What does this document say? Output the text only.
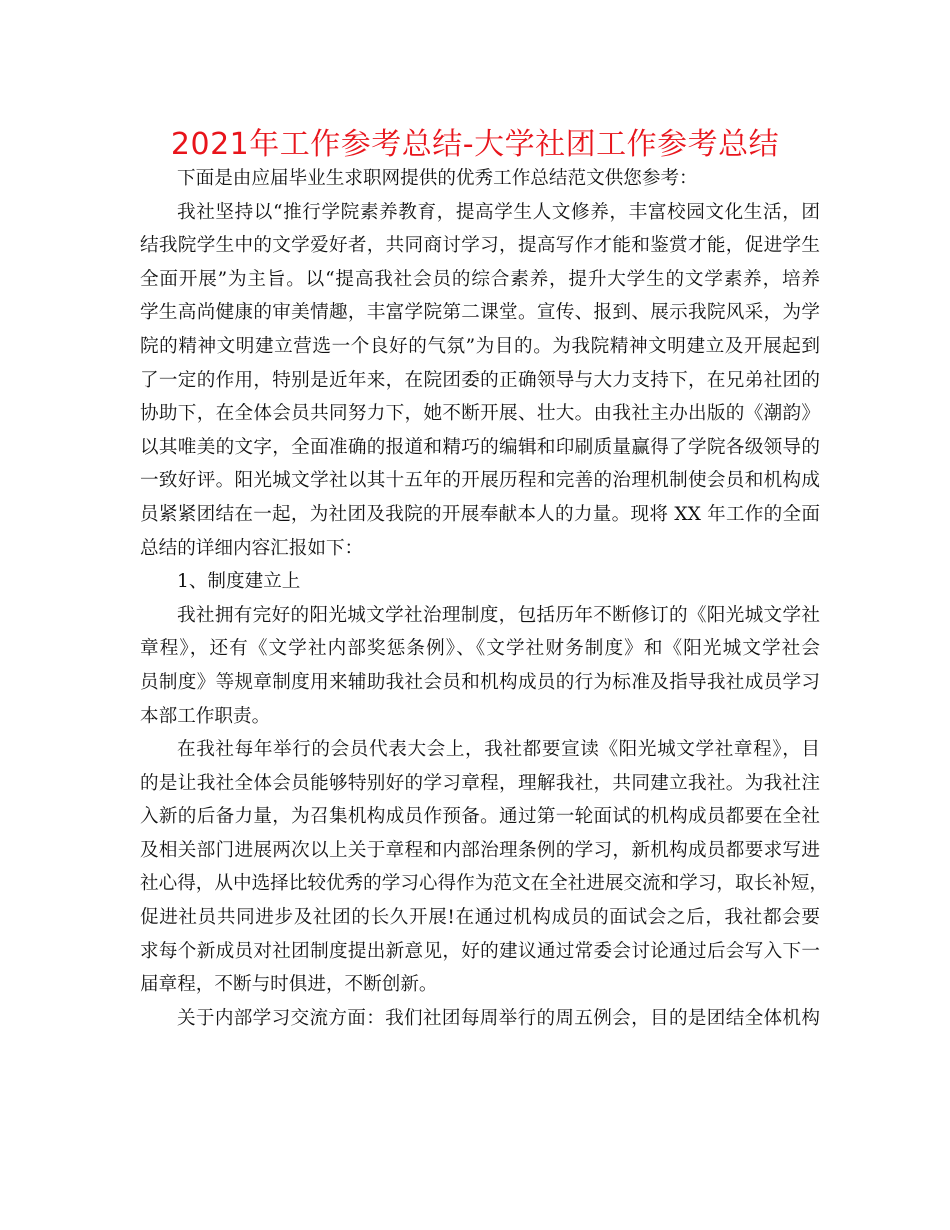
2021年工作参考总结-大学社团工作参考总结
下面是由应届毕业生求职网提供的优秀工作总结范文供您参考：
我社坚持以“推行学院素养教育，提高学生人文修养，丰富校园文化生活，团
结我院学生中的文学爱好者，共同商讨学习，提高写作才能和鉴赏才能，促进学生
全面开展”为主旨。以“提高我社会员的综合素养，提升大学生的文学素养，培养
学生高尚健康的审美情趣，丰富学院第二课堂。宣传、报到、展示我院风采，为学
院的精神文明建立营选一个良好的气氛”为目的。为我院精神文明建立及开展起到
了一定的作用，特别是近年来，在院团委的正确领导与大力支持下，在兄弟社团的
协助下，在全体会员共同努力下，她不断开展、壮大。由我社主办出版的《潮韵》
以其唯美的文字，全面准确的报道和精巧的编辑和印刷质量赢得了学院各级领导的
一致好评。阳光城文学社以其十五年的开展历程和完善的治理机制使会员和机构成
员紧紧团结在一起，为社团及我院的开展奉献本人的力量。现将 XX 年工作的全面
总结的详细内容汇报如下：
1、制度建立上
我社拥有完好的阳光城文学社治理制度，包括历年不断修订的《阳光城文学社
章程》，还有《文学社内部奖惩条例》、《文学社财务制度》和《阳光城文学社会
员制度》等规章制度用来辅助我社会员和机构成员的行为标准及指导我社成员学习
本部工作职责。
在我社每年举行的会员代表大会上，我社都要宣读《阳光城文学社章程》，目
的是让我社全体会员能够特别好的学习章程，理解我社，共同建立我社。为我社注
入新的后备力量，为召集机构成员作预备。通过第一轮面试的机构成员都要在全社
及相关部门进展两次以上关于章程和内部治理条例的学习，新机构成员都要求写进
社心得，从中选择比较优秀的学习心得作为范文在全社进展交流和学习，取长补短，
促进社员共同进步及社团的长久开展!在通过机构成员的面试会之后，我社都会要
求每个新成员对社团制度提出新意见，好的建议通过常委会讨论通过后会写入下一
届章程，不断与时俱进，不断创新。
关于内部学习交流方面：我们社团每周举行的周五例会，目的是团结全体机构
